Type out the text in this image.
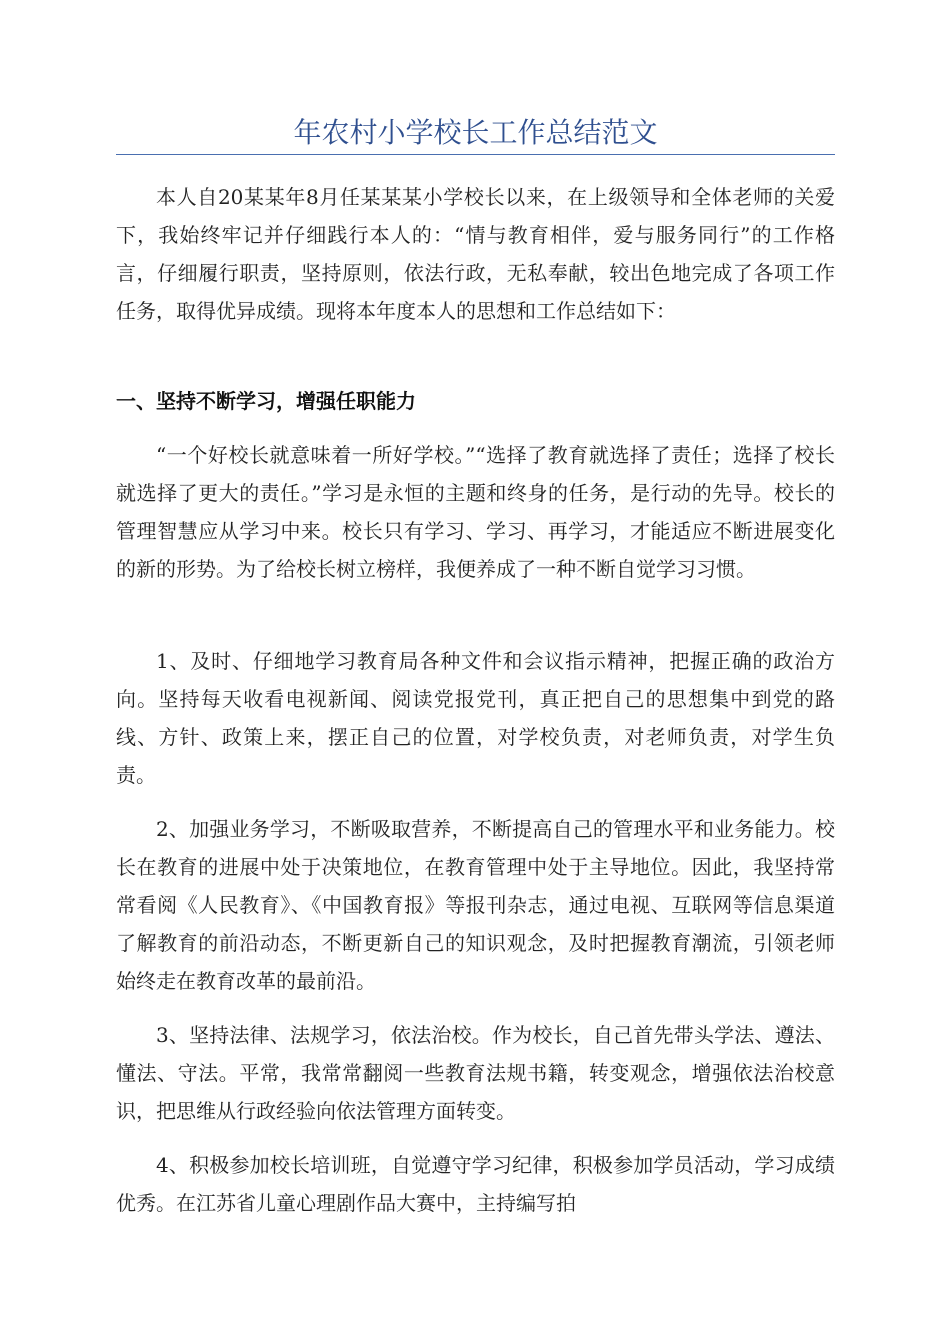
年农村小学校长工作总结范文

本人自20某某年8月任某某某小学校长以来，在上级领导和全体老师的关爱下，我始终牢记并仔细践行本人的：“情与教育相伴，爱与服务同行”的工作格言，仔细履行职责，坚持原则，依法行政，无私奉献，较出色地完成了各项工作任务，取得优异成绩。现将本年度本人的思想和工作总结如下：

一、坚持不断学习，增强任职能力

“一个好校长就意味着一所好学校。”“选择了教育就选择了责任；选择了校长就选择了更大的责任。”学习是永恒的主题和终身的任务，是行动的先导。校长的管理智慧应从学习中来。校长只有学习、学习、再学习，才能适应不断进展变化的新的形势。为了给校长树立榜样，我便养成了一种不断自觉学习习惯。

1、及时、仔细地学习教育局各种文件和会议指示精神，把握正确的政治方向。坚持每天收看电视新闻、阅读党报党刊，真正把自己的思想集中到党的路线、方针、政策上来，摆正自己的位置，对学校负责，对老师负责，对学生负责。

2、加强业务学习，不断吸取营养，不断提高自己的管理水平和业务能力。校长在教育的进展中处于决策地位，在教育管理中处于主导地位。因此，我坚持常常看阅《人民教育》、《中国教育报》等报刊杂志，通过电视、互联网等信息渠道了解教育的前沿动态，不断更新自己的知识观念，及时把握教育潮流，引领老师始终走在教育改革的最前沿。

3、坚持法律、法规学习，依法治校。作为校长，自己首先带头学法、遵法、懂法、守法。平常，我常常翻阅一些教育法规书籍，转变观念，增强依法治校意识，把思维从行政经验向依法管理方面转变。

4、积极参加校长培训班，自觉遵守学习纪律，积极参加学员活动，学习成绩优秀。在江苏省儿童心理剧作品大赛中，主持编写拍
